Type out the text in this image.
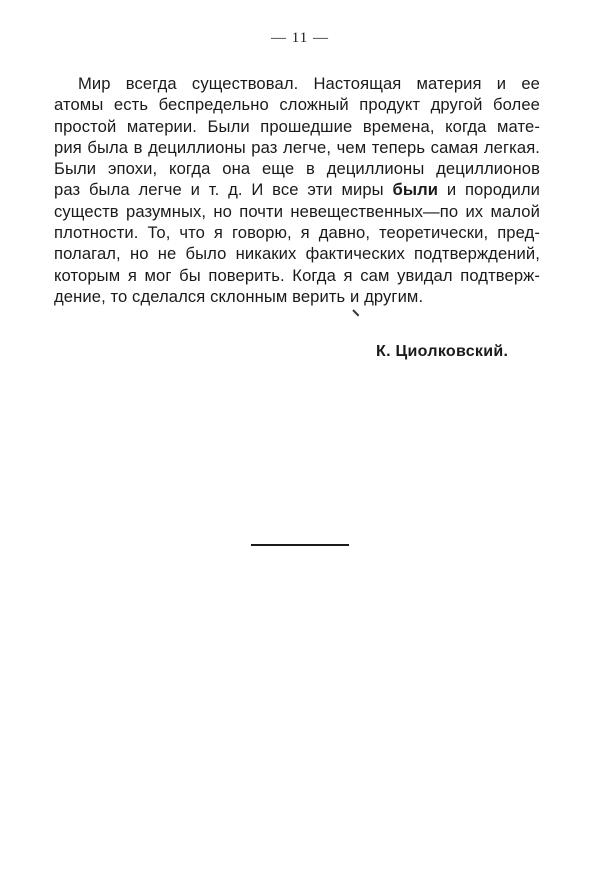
— 11 —
Мир всегда существовал. Настоящая материя и ее
атомы есть беспредельно сложный продукт другой более
простой материи. Были прошедшие времена, когда мате-
рия была в дециллионы раз легче, чем теперь самая легкая.
Были эпохи, когда она еще в дециллионы дециллионов
раз была легче и т. д. И все эти миры были и породили
существ разумных, но почти невещественных—по их малой
плотности. То, что я говорю, я давно, теоретически, пред-
полагал, но не было никаких фактических подтверждений,
которым я мог бы поверить. Когда я сам увидал подтверж-
дение, то сделался склонным верить и другим.
К. Циолковский.
